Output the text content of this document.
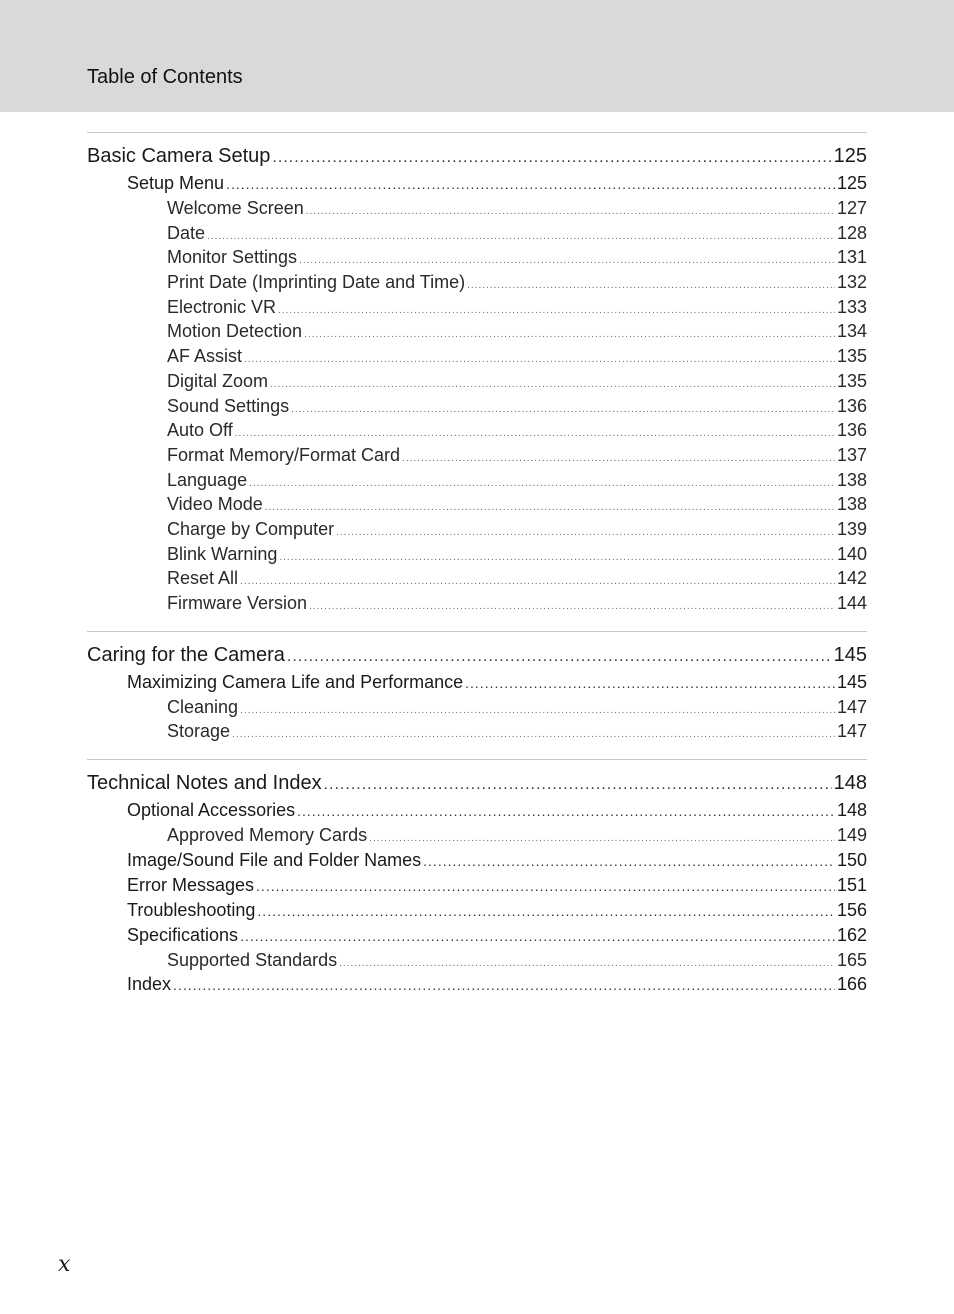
Table of Contents
Basic Camera Setup .....	125
Setup Menu .....	125
Welcome Screen .....	127
Date .....	128
Monitor Settings .....	131
Print Date (Imprinting Date and Time) .....	132
Electronic VR .....	133
Motion Detection .....	134
AF Assist .....	135
Digital Zoom .....	135
Sound Settings .....	136
Auto Off .....	136
Format Memory/Format Card .....	137
Language .....	138
Video Mode .....	138
Charge by Computer .....	139
Blink Warning .....	140
Reset All .....	142
Firmware Version .....	144
Caring for the Camera .....	145
Maximizing Camera Life and Performance .....	145
Cleaning .....	147
Storage .....	147
Technical Notes and Index .....	148
Optional Accessories .....	148
Approved Memory Cards .....	149
Image/Sound File and Folder Names .....	150
Error Messages .....	151
Troubleshooting .....	156
Specifications .....	162
Supported Standards .....	165
Index .....	166
x
